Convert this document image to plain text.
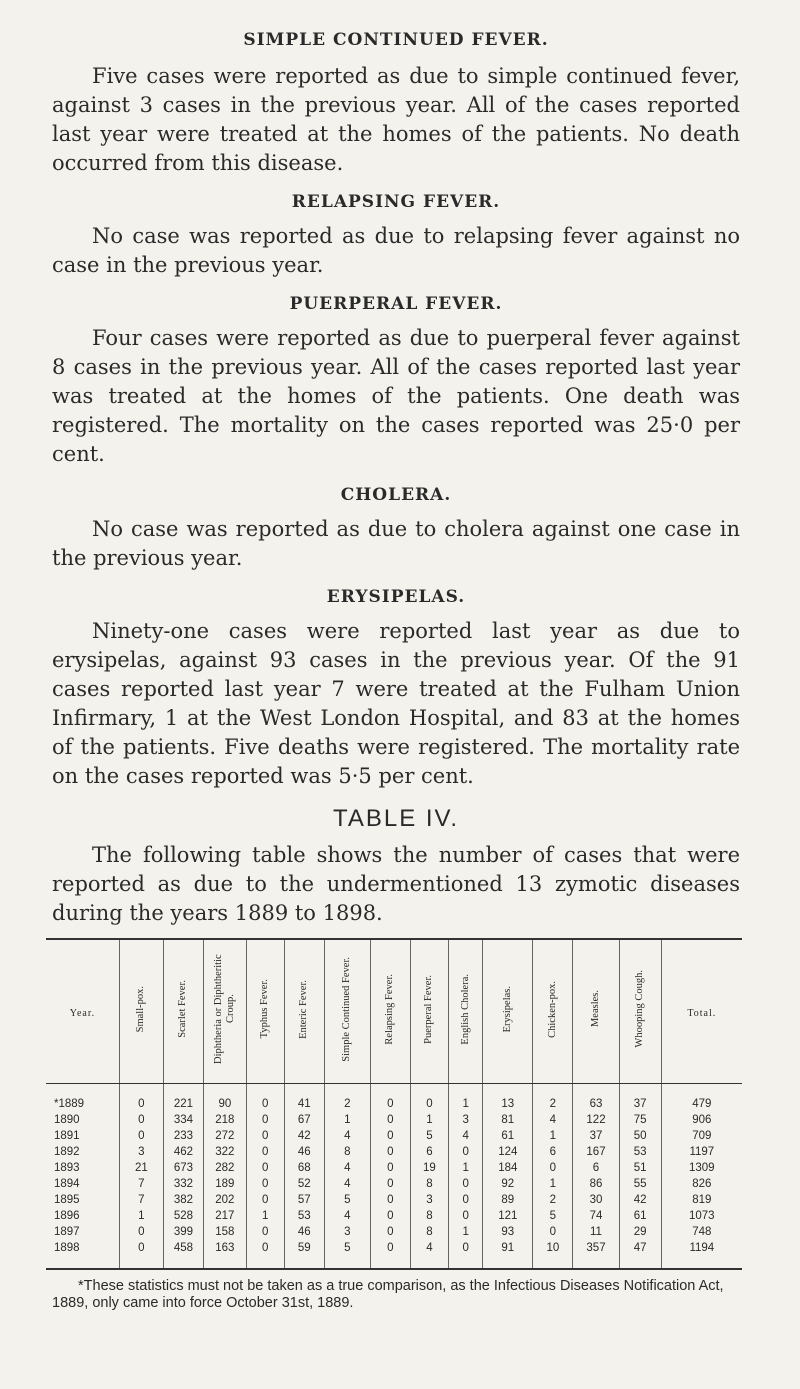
SIMPLE CONTINUED FEVER.

Five cases were reported as due to simple continued fever, against 3 cases in the previous year. All of the cases reported last year were treated at the homes of the patients. No death occurred from this disease.

RELAPSING FEVER.

No case was reported as due to relapsing fever against no case in the previous year.

PUERPERAL FEVER.

Four cases were reported as due to puerperal fever against 8 cases in the previous year. All of the cases reported last year was treated at the homes of the patients. One death was registered. The mortality on the cases reported was 25·0 per cent.

CHOLERA.

No case was reported as due to cholera against one case in the previous year.

ERYSIPELAS.

Ninety-one cases were reported last year as due to erysipelas, against 93 cases in the previous year. Of the 91 cases reported last year 7 were treated at the Fulham Union Infirmary, 1 at the West London Hospital, and 83 at the homes of the patients. Five deaths were registered. The mortality rate on the cases reported was 5·5 per cent.

TABLE IV.

The following table shows the number of cases that were reported as due to the undermentioned 13 zymotic diseases during the years 1889 to 1898.

Year.	Small-pox.	Scarlet Fever.	Diphtheria or Diphtheritic Croup.	Typhus Fever.	Enteric Fever.	Simple Continued Fever.	Relapsing Fever.	Puerperal Fever.	English Cholera.	Erysipelas.	Chicken-pox.	Measles.	Whooping Cough.	Total.
*1889	0	221	90	0	41	2	0	0	1	13	2	63	37	479
1890	0	334	218	0	67	1	0	1	3	81	4	122	75	906
1891	0	233	272	0	42	4	0	5	4	61	1	37	50	709
1892	3	462	322	0	46	8	0	6	0	124	6	167	53	1197
1893	21	673	282	0	68	4	0	19	1	184	0	6	51	1309
1894	7	332	189	0	52	4	0	8	0	92	1	86	55	826
1895	7	382	202	0	57	5	0	3	0	89	2	30	42	819
1896	1	528	217	1	53	4	0	8	0	121	5	74	61	1073
1897	0	399	158	0	46	3	0	8	1	93	0	11	29	748
1898	0	458	163	0	59	5	0	4	0	91	10	357	47	1194

*These statistics must not be taken as a true comparison, as the Infectious Diseases Notification Act, 1889, only came into force October 31st, 1889.
